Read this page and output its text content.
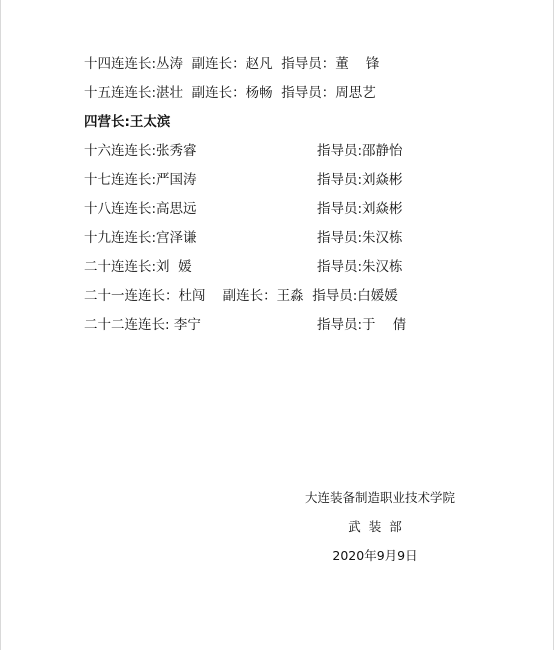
十四连连长:丛涛  副连长：赵凡  指导员：董    锋
十五连连长:湛壮  副连长：杨畅  指导员：周思艺
四营长:王太滨
十六连连长:张秀睿	指导员:邵静怡
十七连连长:严国涛	指导员:刘焱彬
十八连连长:高思远	指导员:刘焱彬
十九连连长:宫泽谦	指导员:朱汉栋
二十连连长:刘  媛	指导员:朱汉栋
二十一连连长：杜闯    副连长：王淼  指导员:白媛媛
二十二连连长: 李宁	指导员:于    倩
大连装备制造职业技术学院
武  装  部
2020年9月9日
